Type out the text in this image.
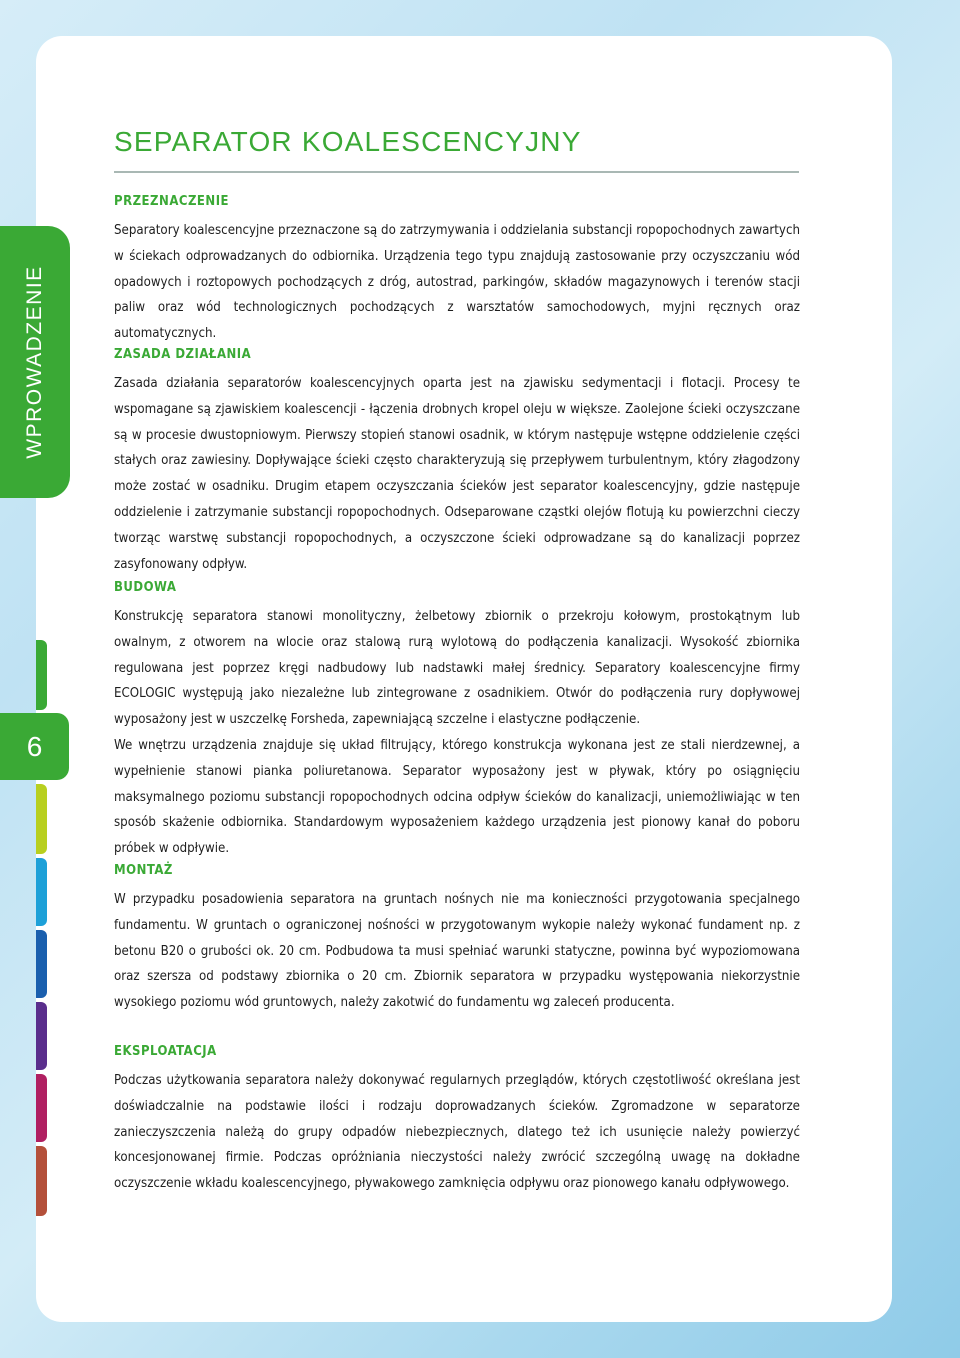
WPROWADZENIE
6
SEPARATOR KOALESCENCYJNY
PRZEZNACZENIE

Separatory koalescencyjne przeznaczone są do zatrzymywania i oddzielania substancji ropopochodnych zawartych w ściekach odprowadzanych do odbiornika. Urządzenia tego typu znajdują zastosowanie przy oczyszczaniu wód opadowych i roztopowych pochodzących z dróg, autostrad, parkingów, składów magazynowych i terenów stacji paliw oraz wód technologicznych pochodzących z warsztatów samochodowych, myjni ręcznych oraz automatycznych.

ZASADA DZIAŁANIA

Zasada działania separatorów koalescencyjnych oparta jest na zjawisku sedymentacji i flotacji. Procesy te wspomagane są zjawiskiem koalescencji - łączenia drobnych kropel oleju w większe. Zaolejone ścieki oczyszczane są w procesie dwustopniowym. Pierwszy stopień stanowi osadnik, w którym następuje wstępne oddzielenie części stałych oraz zawiesiny. Dopływające ścieki często charakteryzują się przepływem turbulentnym, który złagodzony może zostać w osadniku. Drugim etapem oczyszczania ścieków jest separator koalescencyjny, gdzie następuje oddzielenie i zatrzymanie substancji ropopochodnych. Odseparowane cząstki olejów flotują ku powierzchni cieczy tworząc warstwę substancji ropopochodnych, a oczyszczone ścieki odprowadzane są do kanalizacji poprzez zasyfonowany odpływ.

BUDOWA

Konstrukcję separatora stanowi monolityczny, żelbetowy zbiornik o przekroju kołowym, prostokątnym lub owalnym, z otworem na wlocie oraz stalową rurą wylotową do podłączenia kanalizacji. Wysokość zbiornika regulowana jest poprzez kręgi nadbudowy lub nadstawki małej średnicy. Separatory koalescencyjne firmy ECOLOGIC występują jako niezależne lub zintegrowane z osadnikiem. Otwór do podłączenia rury dopływowej wyposażony jest w uszczelkę Forsheda, zapewniającą szczelne i elastyczne podłączenie.

We wnętrzu urządzenia znajduje się układ filtrujący, którego konstrukcja wykonana jest ze stali nierdzewnej, a wypełnienie stanowi pianka poliuretanowa. Separator wyposażony jest w pływak, który po osiągnięciu maksymalnego poziomu substancji ropopochodnych odcina odpływ ścieków do kanalizacji, uniemożliwiając w ten sposób skażenie odbiornika. Standardowym wyposażeniem każdego urządzenia jest pionowy kanał do poboru próbek w odpływie.

MONTAŻ

W przypadku posadowienia separatora na gruntach nośnych nie ma konieczności przygotowania specjalnego fundamentu. W gruntach o ograniczonej nośności w przygotowanym wykopie należy wykonać fundament np. z betonu B20 o grubości ok. 20 cm. Podbudowa ta musi spełniać warunki statyczne, powinna być wypoziomowana oraz szersza od podstawy zbiornika o 20 cm. Zbiornik separatora w przypadku występowania niekorzystnie wysokiego poziomu wód gruntowych, należy zakotwić do fundamentu wg zaleceń producenta.

EKSPLOATACJA

Podczas użytkowania separatora należy dokonywać regularnych przeglądów, których częstotliwość określana jest doświadczalnie na podstawie ilości i rodzaju doprowadzanych ścieków. Zgromadzone w separatorze zanieczyszczenia należą do grupy odpadów niebezpiecznych, dlatego też ich usunięcie należy powierzyć koncesjonowanej firmie. Podczas opróżniania nieczystości należy zwrócić szczególną uwagę na dokładne oczyszczenie wkładu koalescencyjnego, pływakowego zamknięcia odpływu oraz pionowego kanału odpływowego.
